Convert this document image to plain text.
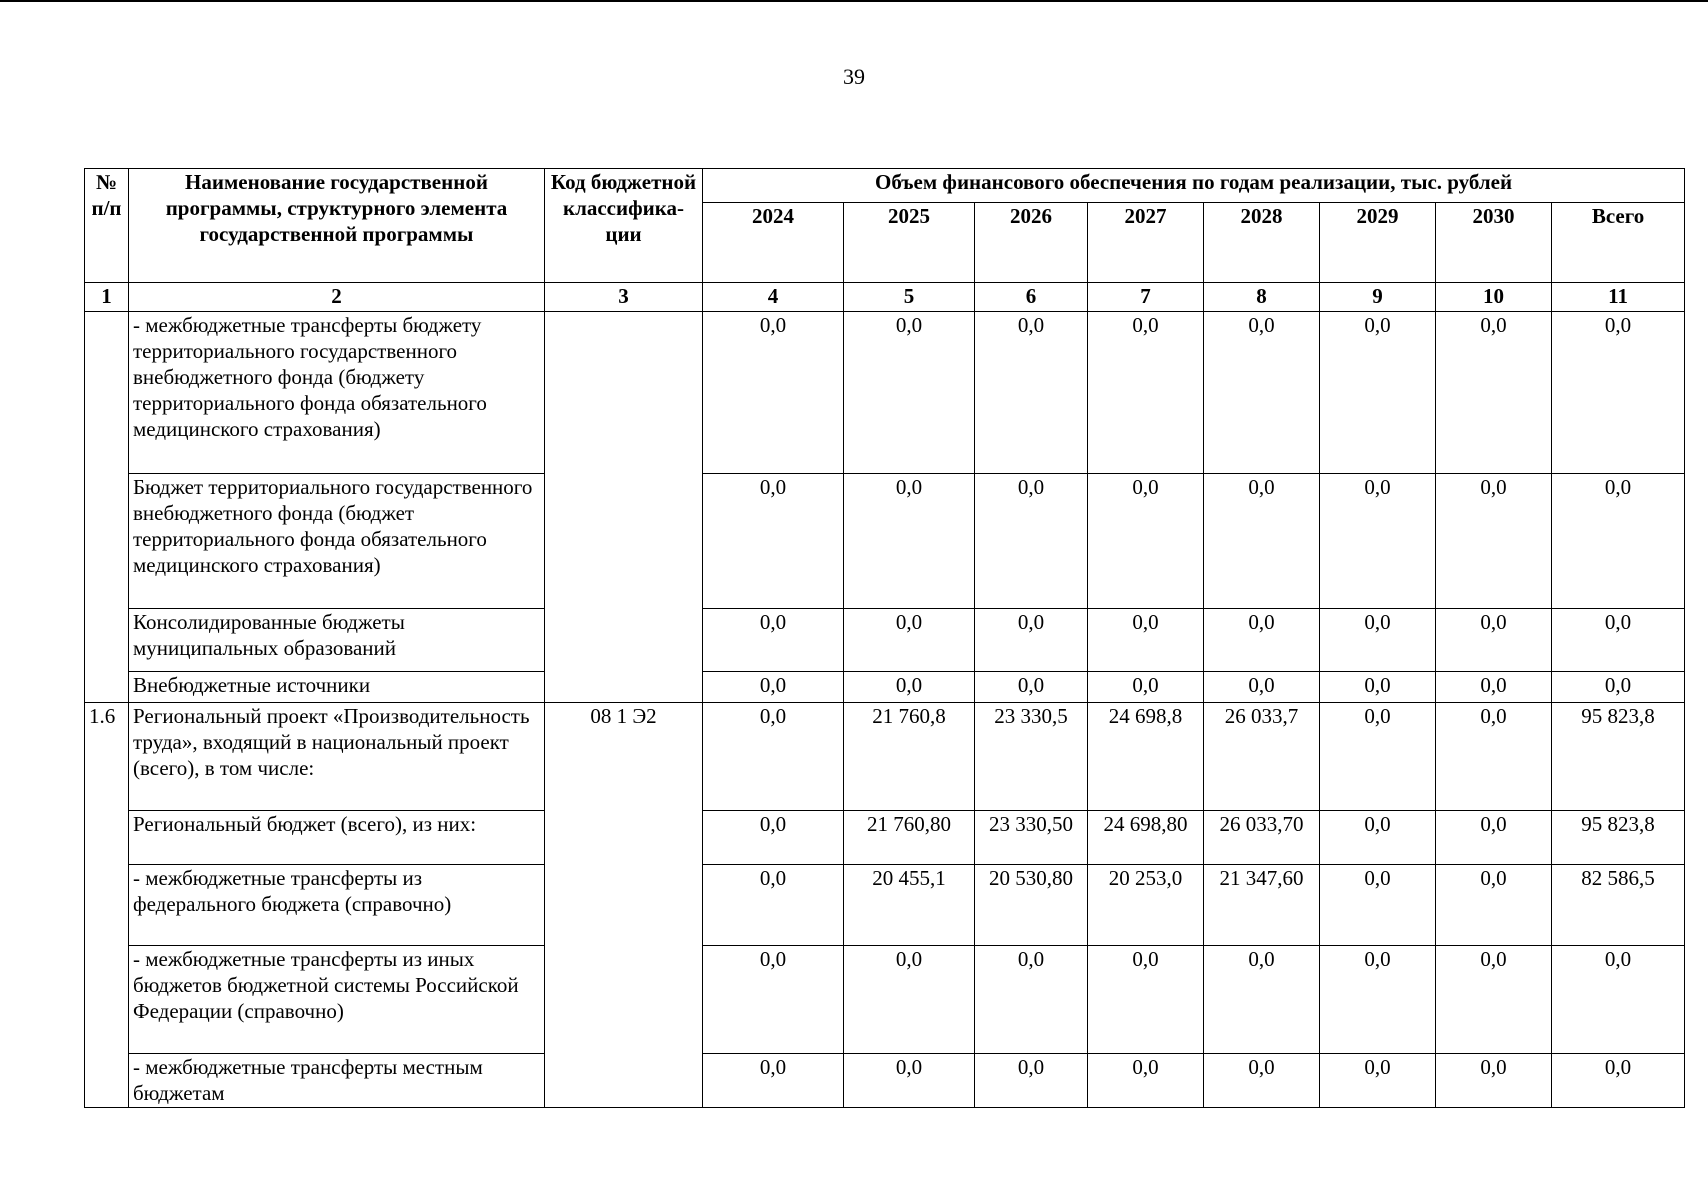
39
№ п/п	Наименование государственной программы, структурного элемента государственной программы	Код бюджетной классифика-ции	Объем финансового обеспечения по годам реализации, тыс. рублей							
			2024	2025	2026	2027	2028	2029	2030	Всего
1	2	3	4	5	6	7	8	9	10	11
	- межбюджетные трансферты бюджету территориального государственного внебюджетного фонда (бюджету территориального фонда обязательного медицинского страхования)		0,0	0,0	0,0	0,0	0,0	0,0	0,0	0,0
	Бюджет территориального государственного внебюджетного фонда (бюджет территориального фонда обязательного медицинского страхования)		0,0	0,0	0,0	0,0	0,0	0,0	0,0	0,0
	Консолидированные бюджеты муниципальных образований		0,0	0,0	0,0	0,0	0,0	0,0	0,0	0,0
	Внебюджетные источники		0,0	0,0	0,0	0,0	0,0	0,0	0,0	0,0
1.6	Региональный проект «Производительность труда», входящий в национальный проект (всего), в том числе:	08 1 Э2	0,0	21 760,8	23 330,5	24 698,8	26 033,7	0,0	0,0	95 823,8
	Региональный бюджет (всего), из них:		0,0	21 760,80	23 330,50	24 698,80	26 033,70	0,0	0,0	95 823,8
	- межбюджетные трансферты из федерального бюджета (справочно)		0,0	20 455,1	20 530,80	20 253,0	21 347,60	0,0	0,0	82 586,5
	- межбюджетные трансферты из иных бюджетов бюджетной системы Российской Федерации (справочно)		0,0	0,0	0,0	0,0	0,0	0,0	0,0	0,0
	- межбюджетные трансферты местным бюджетам		0,0	0,0	0,0	0,0	0,0	0,0	0,0	0,0
